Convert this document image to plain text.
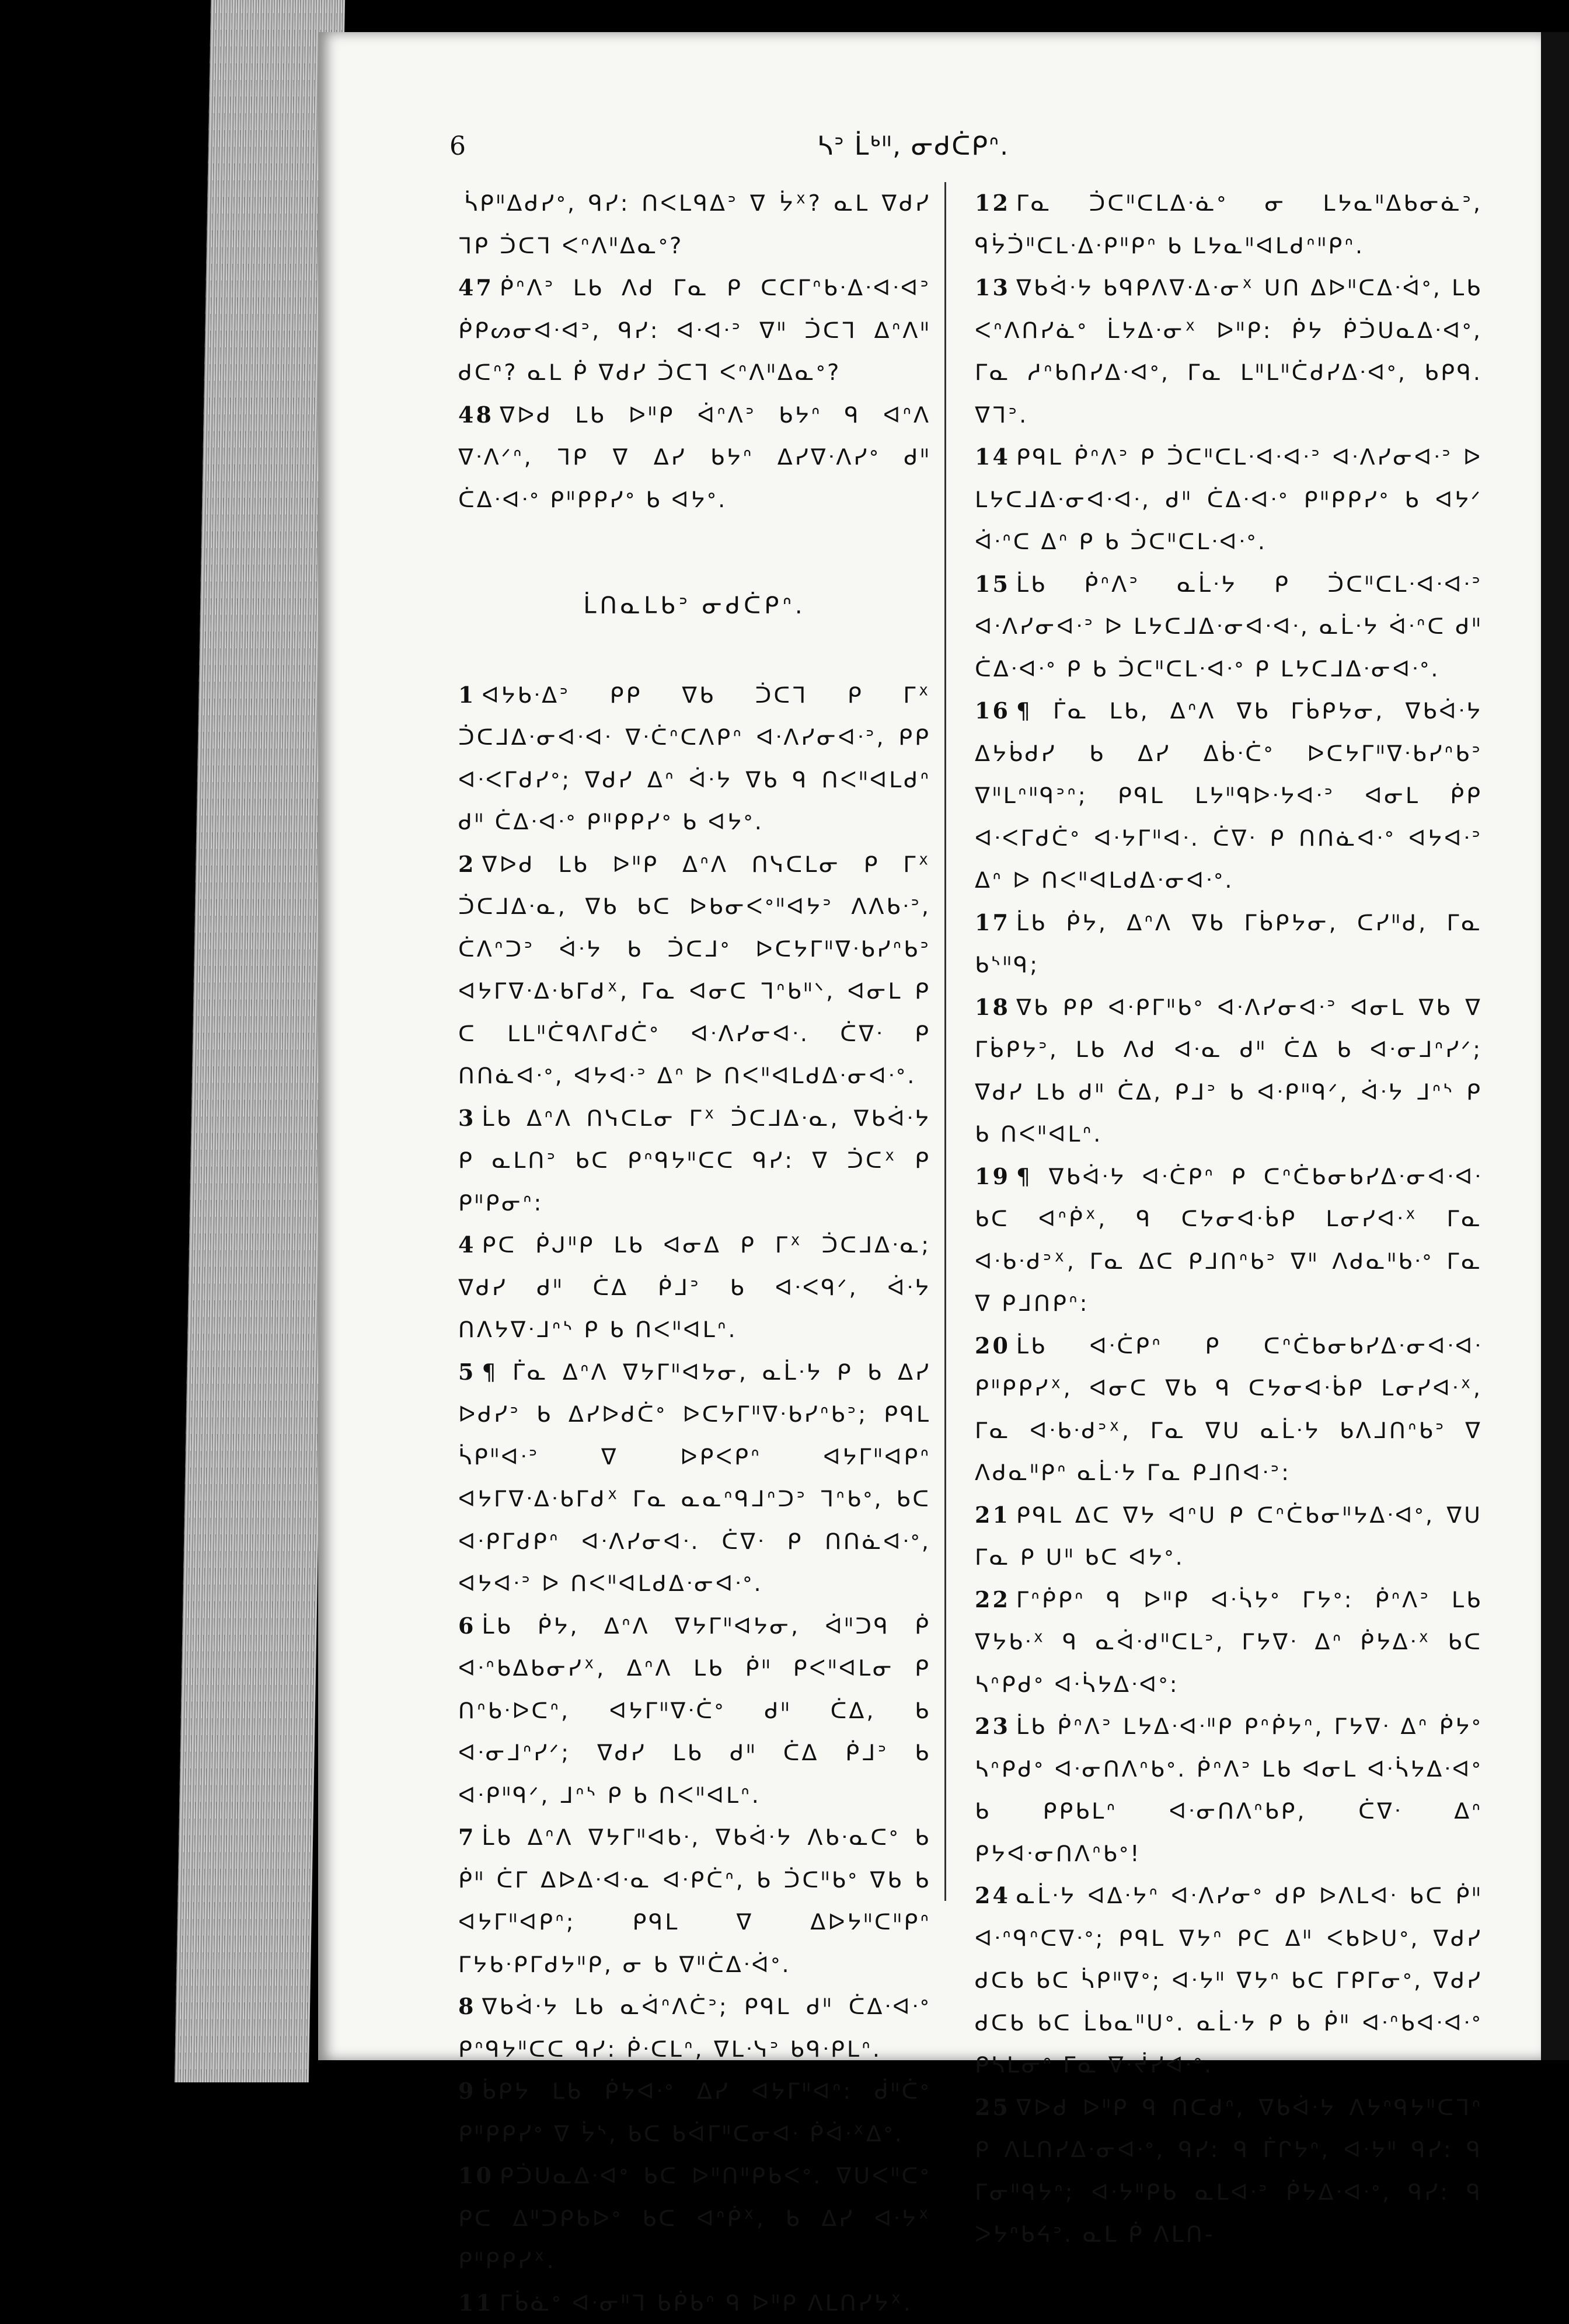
6	ᓴᐣ ᒫᒃᐦ, ᓂᑯᑖᑭᐢ.

ᓵᑭᐦᐃᑯᓯᐤ, ᑫᓯ: ᑎᐸᒪᑫᐃᐣ ᐁ ᔮᕁ? ᓇᒪ ᐁᑯᓯ ᒣᑭ ᑑᑕᒣ ᐸᐢᐱᐦᐃᓇᐤ?

47 ᑮᐢᐱᐣ ᒪᑲ ᐱᑯ ᒥᓇ ᑭ ᑕᑕᒥᐢᑲᐧᐃᐧᐊᐧᐊᐣ ᑮᑭᔕᓂᐊᐧᐊᐣ, ᑫᓯ: ᐊᐧᐊᐧᐣ ᐁᐦ ᑑᑕᒣ ᐃᐢᐱᐦ ᑯᑕᐢ? ᓇᒪ ᑮ ᐁᑯᓯ ᑑᑕᒣ ᐸᐢᐱᐦᐃᓇᐤ?

48 ᐁᐅᑯ ᒪᑲ ᐅᐦᑭ ᐋᐢᐱᐣ ᑲᔭᐢ ᑫ ᐊᐢᐱ ᐁᐧᐱᐟᐢ, ᒣᑭ ᐁ ᐃᓯ ᑲᔭᐢ ᐃᓯᐁᐧᐱᓯᐤ ᑯᐦ ᑖᐃᐧᐊᐧᐤ ᑭᐦᑭᑭᓯᐤ ᑲ ᐊᔭᐤ.

ᒫᑎᓇᒪᑲᐣ ᓂᑯᑖᑭᐢ.

1 ᐊᔭᑲᐧᐃᐣ ᑭᑭ ᐁᑲ ᑑᑕᒣ ᑭ ᒥᕁ ᑑᑕᒧᐃᐧᓂᐊᐧᐊᐧ ᐁᐧᑖᐢᑕᐱᑭᐢ ᐊᐧᐱᓯᓂᐊᐧᐣ, ᑭᑭ ᐊᐧᐸᒥᑯᓯᐤ; ᐁᑯᓯ ᐃᐢ ᐋᐧᔭ ᐁᑲ ᑫ ᑎᐸᐦᐊᒪᑯᐢ ᑯᐦ ᑖᐃᐧᐊᐧᐤ ᑭᐦᑭᑭᓯᐤ ᑲ ᐊᔭᐤ.

2 ᐁᐅᑯ ᒪᑲ ᐅᐦᑭ ᐃᐢᐱ ᑎᓭᑕᒪᓂ ᑭ ᒥᕁ ᑑᑕᒧᐃᐧᓇ, ᐁᑲ ᑲᑕ ᐅᑲᓂᐸᐤᐦᐊᔭᐣ ᐱᐱᑲᐧᐣ, ᑖᐱᐢᑐᐣ ᐋᐧᔭ ᑲ ᑑᑕᒧᐤ ᐅᑕᔭᒥᐦᐁᐧᑲᓯᐢᑲᐣ ᐊᔭᒥᐁᐧᐃᐧᑲᒥᑯᕽ, ᒥᓇ ᐊᓂᑕ ᒣᐢᑲᐦᐠ, ᐊᓂᒪ ᑭ ᑕ ᒪᒪᐦᑖᑫᐱᒥᑯᑖᐤ ᐊᐧᐱᓯᓂᐊᐧ. ᑖᐁᐧ ᑭ ᑎᑎᓈᐊᐧᐤ, ᐊᔭᐊᐧᐣ ᐃᐢ ᐅ ᑎᐸᐦᐊᒪᑯᐃᐧᓂᐊᐧᐤ.

3 ᒫᑲ ᐃᐢᐱ ᑎᓭᑕᒪᓂ ᒥᕁ ᑑᑕᒧᐃᐧᓇ, ᐁᑲᐋᐧᔭ ᑭ ᓇᒪᑎᐣ ᑲᑕ ᑭᐢᑫᔭᐦᑕᑕ ᑫᓯ: ᐁ ᑑᑕᕽ ᑭ ᑭᐦᑭᓂᐢ:

4 ᑭᑕ ᑮᒍᐦᑭ ᒪᑲ ᐊᓂᐃ ᑭ ᒥᕁ ᑑᑕᒧᐃᐧᓇ; ᐁᑯᓯ ᑯᐦ ᑖᐃ ᑮᒧᐣ ᑲ ᐊᐧᐸᑫᐟ, ᐋᐧᔭ ᑎᐱᔭᐁᐧᒧᐢᔅ ᑭ ᑲ ᑎᐸᐦᐊᒪᐢ.

5 ¶ ᒦᓇ ᐃᐢᐱ ᐁᔭᒥᐦᐊᔭᓂ, ᓇᒫᐧᔭ ᑭ ᑲ ᐃᓯ ᐅᑯᓯᐣ ᑲ ᐃᓯᐅᑯᑖᐤ ᐅᑕᔭᒥᐦᐁᐧᑲᓯᐢᑲᐣ; ᑭᑫᒪ ᓵᑭᐦᐊᐧᐣ ᐁ ᐅᑭᐸᑭᐢ ᐊᔭᒥᐦᐊᑭᐢ ᐊᔭᒥᐁᐧᐃᐧᑲᒥᑯᕽ ᒥᓇ ᓇᓇᐢᑫᒧᐢᑐᐣ ᒣᐢᑲᐤ, ᑲᑕ ᐊᐧᑭᒥᑯᑭᐢ ᐊᐧᐱᓯᓂᐊᐧ. ᑖᐁᐧ ᑭ ᑎᑎᓈᐊᐧᐤ, ᐊᔭᐊᐧᐣ ᐅ ᑎᐸᐦᐊᒪᑯᐃᐧᓂᐊᐧᐤ.

6 ᒫᑲ ᑮᔭ, ᐃᐢᐱ ᐁᔭᒥᐦᐊᔭᓂ, ᐋᐦᑐᑫ ᑮ ᐊᐧᐢᑲᐃᑲᓂᓯᕽ, ᐃᐢᐱ ᒪᑲ ᑮᐦ ᑭᐸᐦᐊᒪᓂ ᑭ ᑎᐢᑲᐧᐅᑕᐢ, ᐊᔭᒥᐦᐁᐧᑖᐤ ᑯᐦ ᑖᐃ, ᑲ ᐊᐧᓂᒧᐢᓯᐟ; ᐁᑯᓯ ᒪᑲ ᑯᐦ ᑖᐃ ᑮᒧᐣ ᑲ ᐊᐧᑭᐦᑫᐟ, ᒧᐢᔅ ᑭ ᑲ ᑎᐸᐦᐊᒪᐢ.

7 ᒫᑲ ᐃᐢᐱ ᐁᔭᒥᐦᐊᑲᐧ, ᐁᑲᐋᐧᔭ ᐱᑲᐧᓇᑕᐤ ᑲ ᑮᐦ ᑖᒥ ᐃᐅᐃᐧᐊᐧᓇ ᐊᐧᑭᑖᐢ, ᑲ ᑑᑕᐦᑲᐤ ᐁᑲ ᑲ ᐊᔭᒥᐦᐊᑭᐢ; ᑭᑫᒪ ᐁ ᐃᐅᔭᐦᑕᐦᑭᐢ ᒥᔭᑲᐧᑭᒥᑯᔭᐦᑭ, ᓂ ᑲ ᐁᐦᑖᐃᐧᐋᐤ.

8 ᐁᑲᐋᐧᔭ ᒪᑲ ᓇᐋᐢᐱᑖᐣ; ᑭᑫᒪ ᑯᐦ ᑖᐃᐧᐊᐧᐤ ᑭᐢᑫᔭᐦᑕᑕ ᑫᓯ: ᑮᐧᑕᒪᐢ, ᐁᒪᐧᓭᐣ ᑲᑫᐧᑭᒪᐢ.

9 ᑳᑭᔭ ᒪᑲ ᑮᔭᐊᐧᐤ ᐃᓯ ᐊᔭᒥᐦᐊᐢ: ᑰᐦᑖᐤ ᑭᐦᑭᑭᓯᐤ ᐁ ᔮᔅ, ᑲᑕ ᑲᐋᒥᐦᑕᓂᐊᐧ ᑮᐋᐧᕁᐃᐤ.

10 ᑭᑑᑌᓇᐃᐧᐊᐤ ᑲᑕ ᐅᐦᑎᐦᑭᑲᐸᐤ. ᐁᑌᐸᐦᑕᐤ ᑭᑕ ᐃᐦᑐᑭᑲᐅᐤ ᑲᑕ ᐊᐢᑮᕽ, ᑲ ᐃᓯ ᐊᐧᔭᕽ ᑭᐦᑭᑭᓯᕽ.

11 ᒥᑳᓈᐤ ᐊᐧᓂᐦᒣ ᑲᑮᑲᐢ ᑫ ᐅᐦᑭ ᐱᒪᑎᓯᔭᕽ.

12 ᒥᓇ ᑑᑕᐦᑕᒪᐃᐧᓈᐤ ᓂ ᒪᔭᓇᐦᐃᑲᓂᓈᐣ, ᑫᔮᑑᐦᑕᒪᐧᐃᐧᑭᐦᑭᐢ ᑲ ᒪᔭᓇᐦᐊᒪᑯᐢᐦᑭᐢ.

13 ᐁᑲᐋᐧᔭ ᑲᑫᑭᐱᐁᐧᐃᐧᓂᕽ ᑌᑎ ᐃᐅᐦᑕᐃᐧᐋᐤ, ᒪᑲ ᐸᐢᐱᑎᓯᓈᐤ ᒫᔭᐃᐧᓂᕽ ᐅᐦᑭ: ᑮᔭ ᑮᑑᑌᓇᐃᐧᐊᐤ, ᒥᓇ ᓱᐢᑲᑎᓯᐃᐧᐊᐤ, ᒥᓇ ᒪᐦᒪᐦᑖᑯᓯᐃᐧᐊᐤ, ᑲᑭᑫ. ᐁᒣᐣ.

14 ᑭᑫᒪ ᑮᐢᐱᐣ ᑭ ᑑᑕᐦᑕᒪᐧᐊᐧᐊᐧᐣ ᐊᐧᐱᓯᓂᐊᐧᐣ ᐅ ᒪᔭᑕᒧᐃᐧᓂᐊᐧᐊᐧ, ᑯᐦ ᑖᐃᐧᐊᐧᐤ ᑭᐦᑭᑭᓯᐤ ᑲ ᐊᔭᐟ ᐋᐧᐢᑕ ᐃᐢ ᑭ ᑲ ᑑᑕᐦᑕᒪᐧᐊᐧᐤ.

15 ᒫᑲ ᑮᐢᐱᐣ ᓇᒫᐧᔭ ᑭ ᑑᑕᐦᑕᒪᐧᐊᐧᐊᐧᐣ ᐊᐧᐱᓯᓂᐊᐧᐣ ᐅ ᒪᔭᑕᒧᐃᐧᓂᐊᐧᐊᐧ, ᓇᒫᐧᔭ ᐋᐧᐢᑕ ᑯᐦ ᑖᐃᐧᐊᐧᐤ ᑭ ᑲ ᑑᑕᐦᑕᒪᐧᐊᐧᐤ ᑭ ᒪᔭᑕᒧᐃᐧᓂᐊᐧᐤ.

16 ¶ ᒦᓇ ᒪᑲ, ᐃᐢᐱ ᐁᑲ ᒥᑳᑭᔭᓂ, ᐁᑲᐋᐧᔭ ᐃᔭᑳᑯᓯ ᑲ ᐃᓯ ᐃᑳᐧᑖᐤ ᐅᑕᔭᒥᐦᐁᐧᑲᓯᐢᑲᐣ ᐁᐦᒪᐢᐦᑫᐣᐢ; ᑭᑫᒪ ᒪᔭᐦᑫᐅᐧᔭᐊᐧᐣ ᐊᓂᒪ ᑮᑭ ᐊᐧᐸᒥᑯᑖᐤ ᐊᐧᔭᒥᐦᐊᐧ. ᑖᐁᐧ ᑭ ᑎᑎᓈᐊᐧᐤ ᐊᔭᐊᐧᐣ ᐃᐢ ᐅ ᑎᐸᐦᐊᒪᑯᐃᐧᓂᐊᐧᐤ.

17 ᒫᑲ ᑮᔭ, ᐃᐢᐱ ᐁᑲ ᒥᑳᑭᔭᓂ, ᑕᓯᐦᑯ, ᒥᓇ ᑲᔅᐦᑫ;

18 ᐁᑲ ᑭᑭ ᐊᐧᑭᒥᐦᑲᐤ ᐊᐧᐱᓯᓂᐊᐧᐣ ᐊᓂᒪ ᐁᑲ ᐁ ᒥᑳᑭᔭᐣ, ᒪᑲ ᐱᑯ ᐊᐧᓇ ᑯᐦ ᑖᐃ ᑲ ᐊᐧᓂᒧᐢᓯᐟ; ᐁᑯᓯ ᒪᑲ ᑯᐦ ᑖᐃ, ᑭᒧᐣ ᑲ ᐊᐧᑭᐦᑫᐟ, ᐋᐧᔭ ᒧᐢᔅ ᑭ ᑲ ᑎᐸᐦᐊᒪᐢ.

19 ¶ ᐁᑲᐋᐧᔭ ᐊᐧᑖᑭᐢ ᑭ ᑕᐢᑖᑲᓂᑲᓯᐃᐧᓂᐊᐧᐊᐧ ᑲᑕ ᐊᐢᑮᕽ, ᑫ ᑕᔭᓂᐊᐧᑳᑭ ᒪᓂᓯᐊᐧᕽ ᒥᓇ ᐊᐧᑲᐧᑯᐣᕽ, ᒥᓇ ᐃᑕ ᑭᒧᑎᐢᑲᐣ ᐁᐦ ᐱᑯᓇᐦᑲᐧᐤ ᒥᓇ ᐁ ᑭᒧᑎᑭᐢ:

20 ᒫᑲ ᐊᐧᑖᑭᐢ ᑭ ᑕᐢᑖᑲᓂᑲᓯᐃᐧᓂᐊᐧᐊᐧ ᑭᐦᑭᑭᓯᕽ, ᐊᓂᑕ ᐁᑲ ᑫ ᑕᔭᓂᐊᐧᑳᑭ ᒪᓂᓯᐊᐧᕽ, ᒥᓇ ᐊᐧᑲᐧᑯᐣᕽ, ᒥᓇ ᐁᑌ ᓇᒫᐧᔭ ᑲᐱᒧᑎᐢᑲᐣ ᐁ ᐱᑯᓇᐦᑭᐢ ᓇᒫᐧᔭ ᒥᓇ ᑭᒧᑎᐊᐧᐣ:

21 ᑭᑫᒪ ᐃᑕ ᐁᔭ ᐊᐢᑌ ᑭ ᑕᐢᑖᑲᓂᐦᔭᐃᐧᐊᐤ, ᐁᑌ ᒥᓇ ᑭ ᑌᐦ ᑲᑕ ᐊᔭᐤ.

22 ᒥᐢᑮᑭᐢ ᑫ ᐅᐦᑭ ᐊᐧᓵᔭᐤ ᒥᔭᐤ: ᑮᐢᐱᐣ ᒪᑲ ᐁᔭᑲᐧᕽ ᑫ ᓇᐋᐧᑯᐦᑕᒪᐣ, ᒥᔭᐁᐧ ᐃᐢ ᑮᔭᐃᐧᕽ ᑲᑕ ᓴᐢᑭᑯᐤ ᐊᐧᓵᔭᐃᐧᐊᐤ:

23 ᒫᑲ ᑮᐢᐱᐣ ᒪᔭᐃᐧᐊᐧᐦᑭ ᑭᐢᑮᔭᐢ, ᒥᔭᐁᐧ ᐃᐢ ᑮᔭᐤ ᓴᐢᑭᑯᐤ ᐊᐧᓂᑎᐱᐢᑲᐤ. ᑮᐢᐱᐣ ᒪᑲ ᐊᓂᒪ ᐊᐧᓵᔭᐃᐧᐊᐤ ᑲ ᑭᑭᑲᒪᐢ ᐊᐧᓂᑎᐱᐢᑲᑭ, ᑖᐁᐧ ᐃᐢ ᑭᔭᐊᐧᓂᑎᐱᐢᑲᐤ!

24 ᓇᒫᐧᔭ ᐊᐃᐧᔭᐢ ᐊᐧᐱᓯᓂᐤ ᑯᑭ ᐅᐱᒪᐊᐧ ᑲᑕ ᑮᐦ ᐊᐧᐢᑫᐢᑕᐁᐧᐤ; ᑭᑫᒪ ᐁᔭᐢ ᑭᑕ ᐃᐦ ᐸᑲᐅᑌᐤ, ᐁᑯᓯ ᑯᑕᑲ ᑲᑕ ᓵᑭᐦᐁᐤ; ᐊᐧᔭᐦ ᐁᔭᐢ ᑲᑕ ᒥᑭᒥᓂᐤ, ᐁᑯᓯ ᑯᑕᑲ ᑲᑕ ᒫᑲᓇᐦᑌᐤ. ᓇᒫᐧᔭ ᑭ ᑲ ᑮᐦ ᐊᐧᐢᑲᐊᐧᐊᐧᐤ ᑭᓴᒪᓂᐢ ᒥᓇ ᐁᐧᔫᓯᐊᐧᐤ.

25 ᐁᐅᑯ ᐅᐦᑭ ᑫ ᑎᑕᑯᐢ, ᐁᑲᐋᐧᔭ ᐱᔭᐢᑫᔭᐦᑕᒣᐢ ᑭ ᐱᒪᑎᓯᐃᐧᓂᐊᐧᐤ, ᑫᓯ: ᑫ ᒦᒋᔭᐢ, ᐊᐧᔭᐦ ᑫᓯ: ᑫ ᒥᓂᐦᑫᔭᐢ; ᐊᐧᔭᐦᑭᑲ ᓇᒪᐊᐧᐣ ᑮᔭᐃᐧᐊᐧᐤ, ᑫᓯ: ᑫ ᐳᔭᐢᑲᔦᐣ. ᓇᒪ ᑮ ᐱᒪᑎ-
